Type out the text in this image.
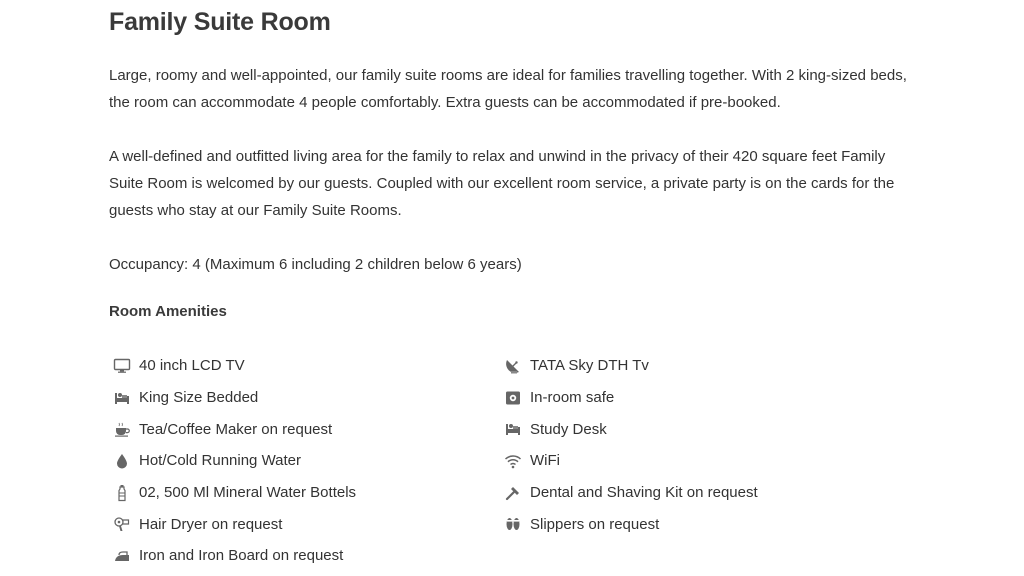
Family Suite Room

Large, roomy and well-appointed, our family suite rooms are ideal for families travelling together. With 2 king-sized beds, the room can accommodate 4 people comfortably. Extra guests can be accommodated if pre-booked.

A well-defined and outfitted living area for the family to relax and unwind in the privacy of their 420 square feet Family Suite Room is welcomed by our guests. Coupled with our excellent room service, a private party is on the cards for the guests who stay at our Family Suite Rooms.

Occupancy: 4 (Maximum 6 including 2 children below 6 years)

Room Amenities
40 inch LCD TV
King Size Bedded
Tea/Coffee Maker on request
Hot/Cold Running Water
02, 500 Ml Mineral Water Bottels
Hair Dryer on request
Iron and Iron Board on request
TATA Sky DTH Tv
In-room safe
Study Desk
WiFi
Dental and Shaving Kit on request
Slippers on request
